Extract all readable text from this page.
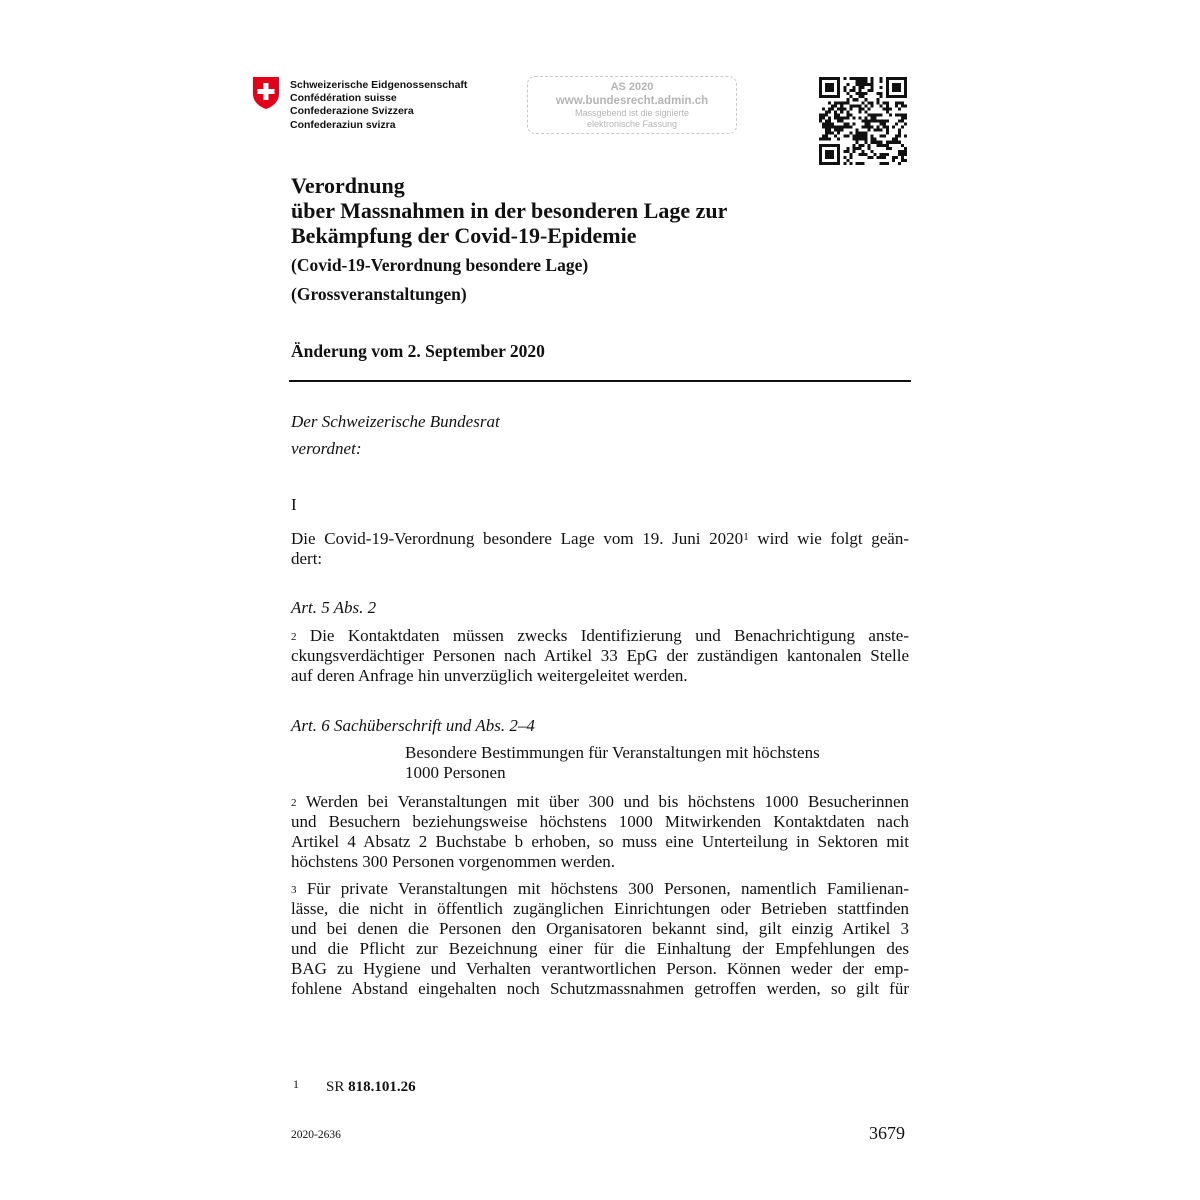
Schweizerische Eidgenossenschaft
Confédération suisse
Confederazione Svizzera
Confederaziun svizra
AS 2020
www.bundesrecht.admin.ch
Massgebend ist die signierte
elektronische Fassung
Verordnung
über Massnahmen in der besonderen Lage zur
Bekämpfung der Covid-19-Epidemie
(Covid-19-Verordnung besondere Lage)
(Grossveranstaltungen)
Änderung vom 2. September 2020
Der Schweizerische Bundesrat
verordnet:
I
Die Covid-19-Verordnung besondere Lage vom 19. Juni 2020$^1$ wird wie folgt geän-
dert:
Art. 5 Abs. 2
$^2$ Die Kontaktdaten müssen zwecks Identifizierung und Benachrichtigung anste-
ckungsverdächtiger Personen nach Artikel 33 EpG der zuständigen kantonalen Stelle
auf deren Anfrage hin unverzüglich weitergeleitet werden.
Art. 6 Sachüberschrift und Abs. 2–4
Besondere Bestimmungen für Veranstaltungen mit höchstens
1000 Personen
$^2$ Werden bei Veranstaltungen mit über 300 und bis höchstens 1000 Besucherinnen
und Besuchern beziehungsweise höchstens 1000 Mitwirkenden Kontaktdaten nach
Artikel 4 Absatz 2 Buchstabe b erhoben, so muss eine Unterteilung in Sektoren mit
höchstens 300 Personen vorgenommen werden.
$^3$ Für private Veranstaltungen mit höchstens 300 Personen, namentlich Familienan-
lässe, die nicht in öffentlich zugänglichen Einrichtungen oder Betrieben stattfinden
und bei denen die Personen den Organisatoren bekannt sind, gilt einzig Artikel 3
und die Pflicht zur Bezeichnung einer für die Einhaltung der Empfehlungen des
BAG zu Hygiene und Verhalten verantwortlichen Person. Können weder der emp-
fohlene Abstand eingehalten noch Schutzmassnahmen getroffen werden, so gilt für
1 SR 818.101.26
2020-2636	3679
